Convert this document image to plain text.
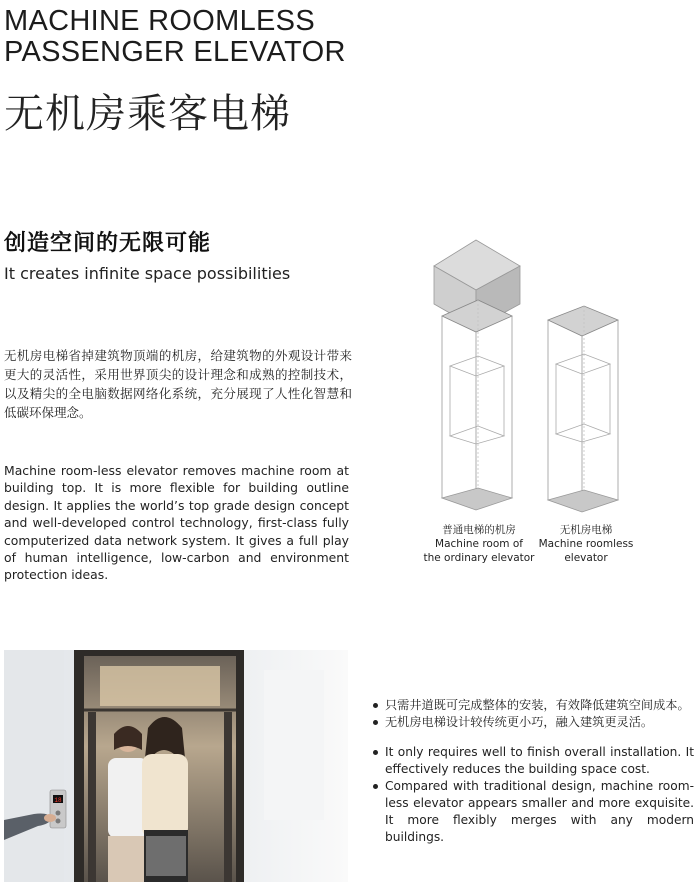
MACHINE ROOMLESS
PASSENGER ELEVATOR
无机房乘客电梯
创造空间的无限可能
It creates infinite space possibilities
无机房电梯省掉建筑物顶端的机房，给建筑物的外观设计带来更大的灵活性，采用世界顶尖的设计理念和成熟的控制技术，以及精尖的全电脑数据网络化系统，充分展现了人性化智慧和低碳环保理念。
Machine room-less elevator removes machine room at building top. It is more flexible for building outline design. It applies the world’s top grade design concept and well-developed control technology, first-class fully computerized data network system. It gives a full play of human intelligence, low-carbon and environment protection ideas.
普通电梯的机房
Machine room of
the ordinary elevator
无机房电梯
Machine roomless
elevator
18
只需井道既可完成整体的安装，有效降低建筑空间成本。
无机房电梯设计较传统更小巧，融入建筑更灵活。
It only requires well to finish overall installation. It effectively reduces the building space cost.
Compared with traditional design, machine room-less elevator appears smaller and more exquisite. It more flexibly merges with any modern buildings.
